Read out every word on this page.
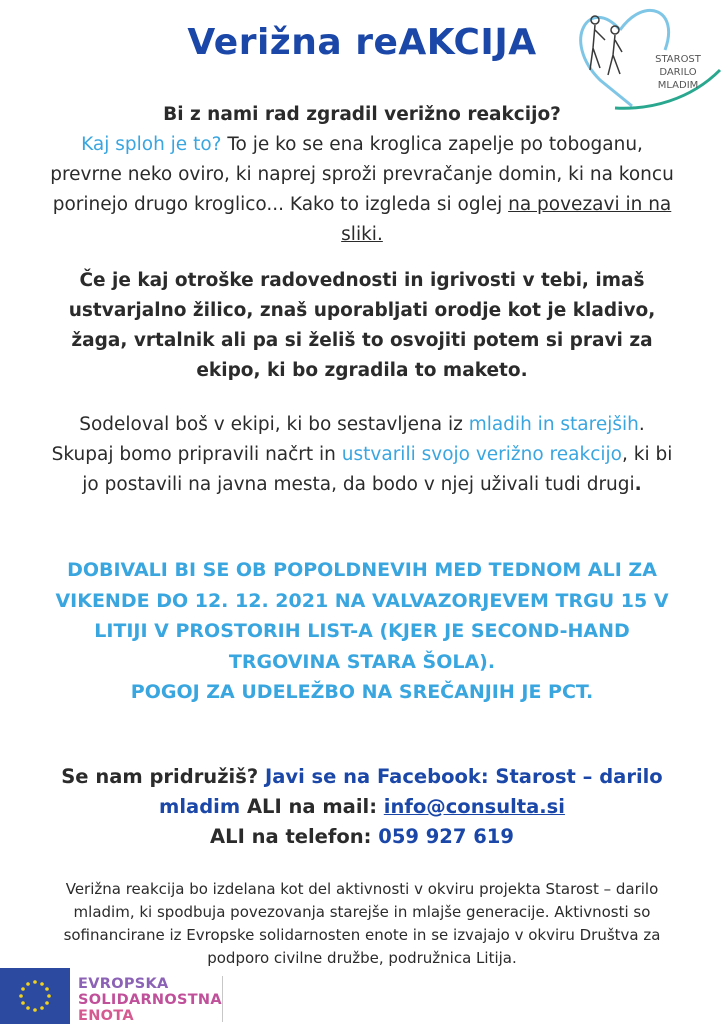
Verižna reAKCIJA	STAROST
DARILO
MLADIM
Bi z nami rad zgradil verižno reakcijo?
Kaj sploh je to? To je ko se ena kroglica zapelje po toboganu, prevrne neko oviro, ki naprej sproži prevračanje domin, ki na koncu porinejo drugo kroglico... Kako to izgleda si oglej na povezavi in na sliki.
Če je kaj otroške radovednosti in igrivosti v tebi, imaš ustvarjalno žilico, znaš uporabljati orodje kot je kladivo, žaga, vrtalnik ali pa si želiš to osvojiti potem si pravi za ekipo, ki bo zgradila to maketo.
Sodeloval boš v ekipi, ki bo sestavljena iz mladih in starejših. Skupaj bomo pripravili načrt in ustvarili svojo verižno reakcijo, ki bi jo postavili na javna mesta, da bodo v njej uživali tudi drugi.
DOBIVALI BI SE OB POPOLDNEVIH MED TEDNOM ALI ZA VIKENDE DO 12. 12. 2021 NA VALVAZORJEVEM TRGU 15 V LITIJI V PROSTORIH LIST-A (KJER JE SECOND-HAND TRGOVINA STARA ŠOLA).
POGOJ ZA UDELEŽBO NA SREČANJIH JE PCT.
Se nam pridružiš? Javi se na Facebook: Starost – darilo mladim ALI na mail: info@consulta.si
ALI na telefon: 059 927 619
Verižna reakcija bo izdelana kot del aktivnosti v okviru projekta Starost – darilo mladim, ki spodbuja povezovanja starejše in mlajše generacije. Aktivnosti so sofinancirane iz Evropske solidarnosten enote in se izvajajo v okviru Društva za podporo civilne družbe, podružnica Litija.
EVROPSKA
SOLIDARNOSTNA
ENOTA
